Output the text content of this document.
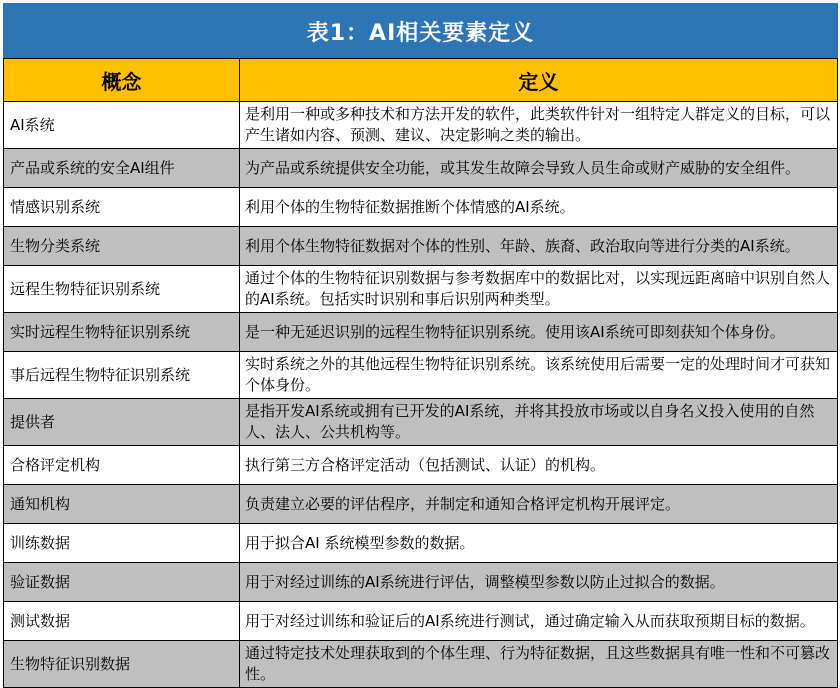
表1：AI相关要素定义	
概念	定义
AI系统	是利用一种或多种技术和方法开发的软件，此类软件针对一组特定人群定义的目标，可以产生诸如内容、预测、建议、决定影响之类的输出。
产品或系统的安全AI组件	为产品或系统提供安全功能，或其发生故障会导致人员生命或财产威胁的安全组件。
情感识别系统	利用个体的生物特征数据推断个体情感的AI系统。
生物分类系统	利用个体生物特征数据对个体的性别、年龄、族裔、政治取向等进行分类的AI系统。
远程生物特征识别系统	通过个体的生物特征识别数据与参考数据库中的数据比对，以实现远距离暗中识别自然人的AI系统。包括实时识别和事后识别两种类型。
实时远程生物特征识别系统	是一种无延迟识别的远程生物特征识别系统。使用该AI系统可即刻获知个体身份。
事后远程生物特征识别系统	实时系统之外的其他远程生物特征识别系统。该系统使用后需要一定的处理时间才可获知个体身份。
提供者	是指开发AI系统或拥有已开发的AI系统，并将其投放市场或以自身名义投入使用的自然人、法人、公共机构等。
合格评定机构	执行第三方合格评定活动（包括测试、认证）的机构。
通知机构	负责建立必要的评估程序，并制定和通知合格评定机构开展评定。
训练数据	用于拟合AI 系统模型参数的数据。
验证数据	用于对经过训练的AI系统进行评估，调整模型参数以防止过拟合的数据。
测试数据	用于对经过训练和验证后的AI系统进行测试，通过确定输入从而获取预期目标的数据。
生物特征识别数据	通过特定技术处理获取到的个体生理、行为特征数据，且这些数据具有唯一性和不可篡改性。
